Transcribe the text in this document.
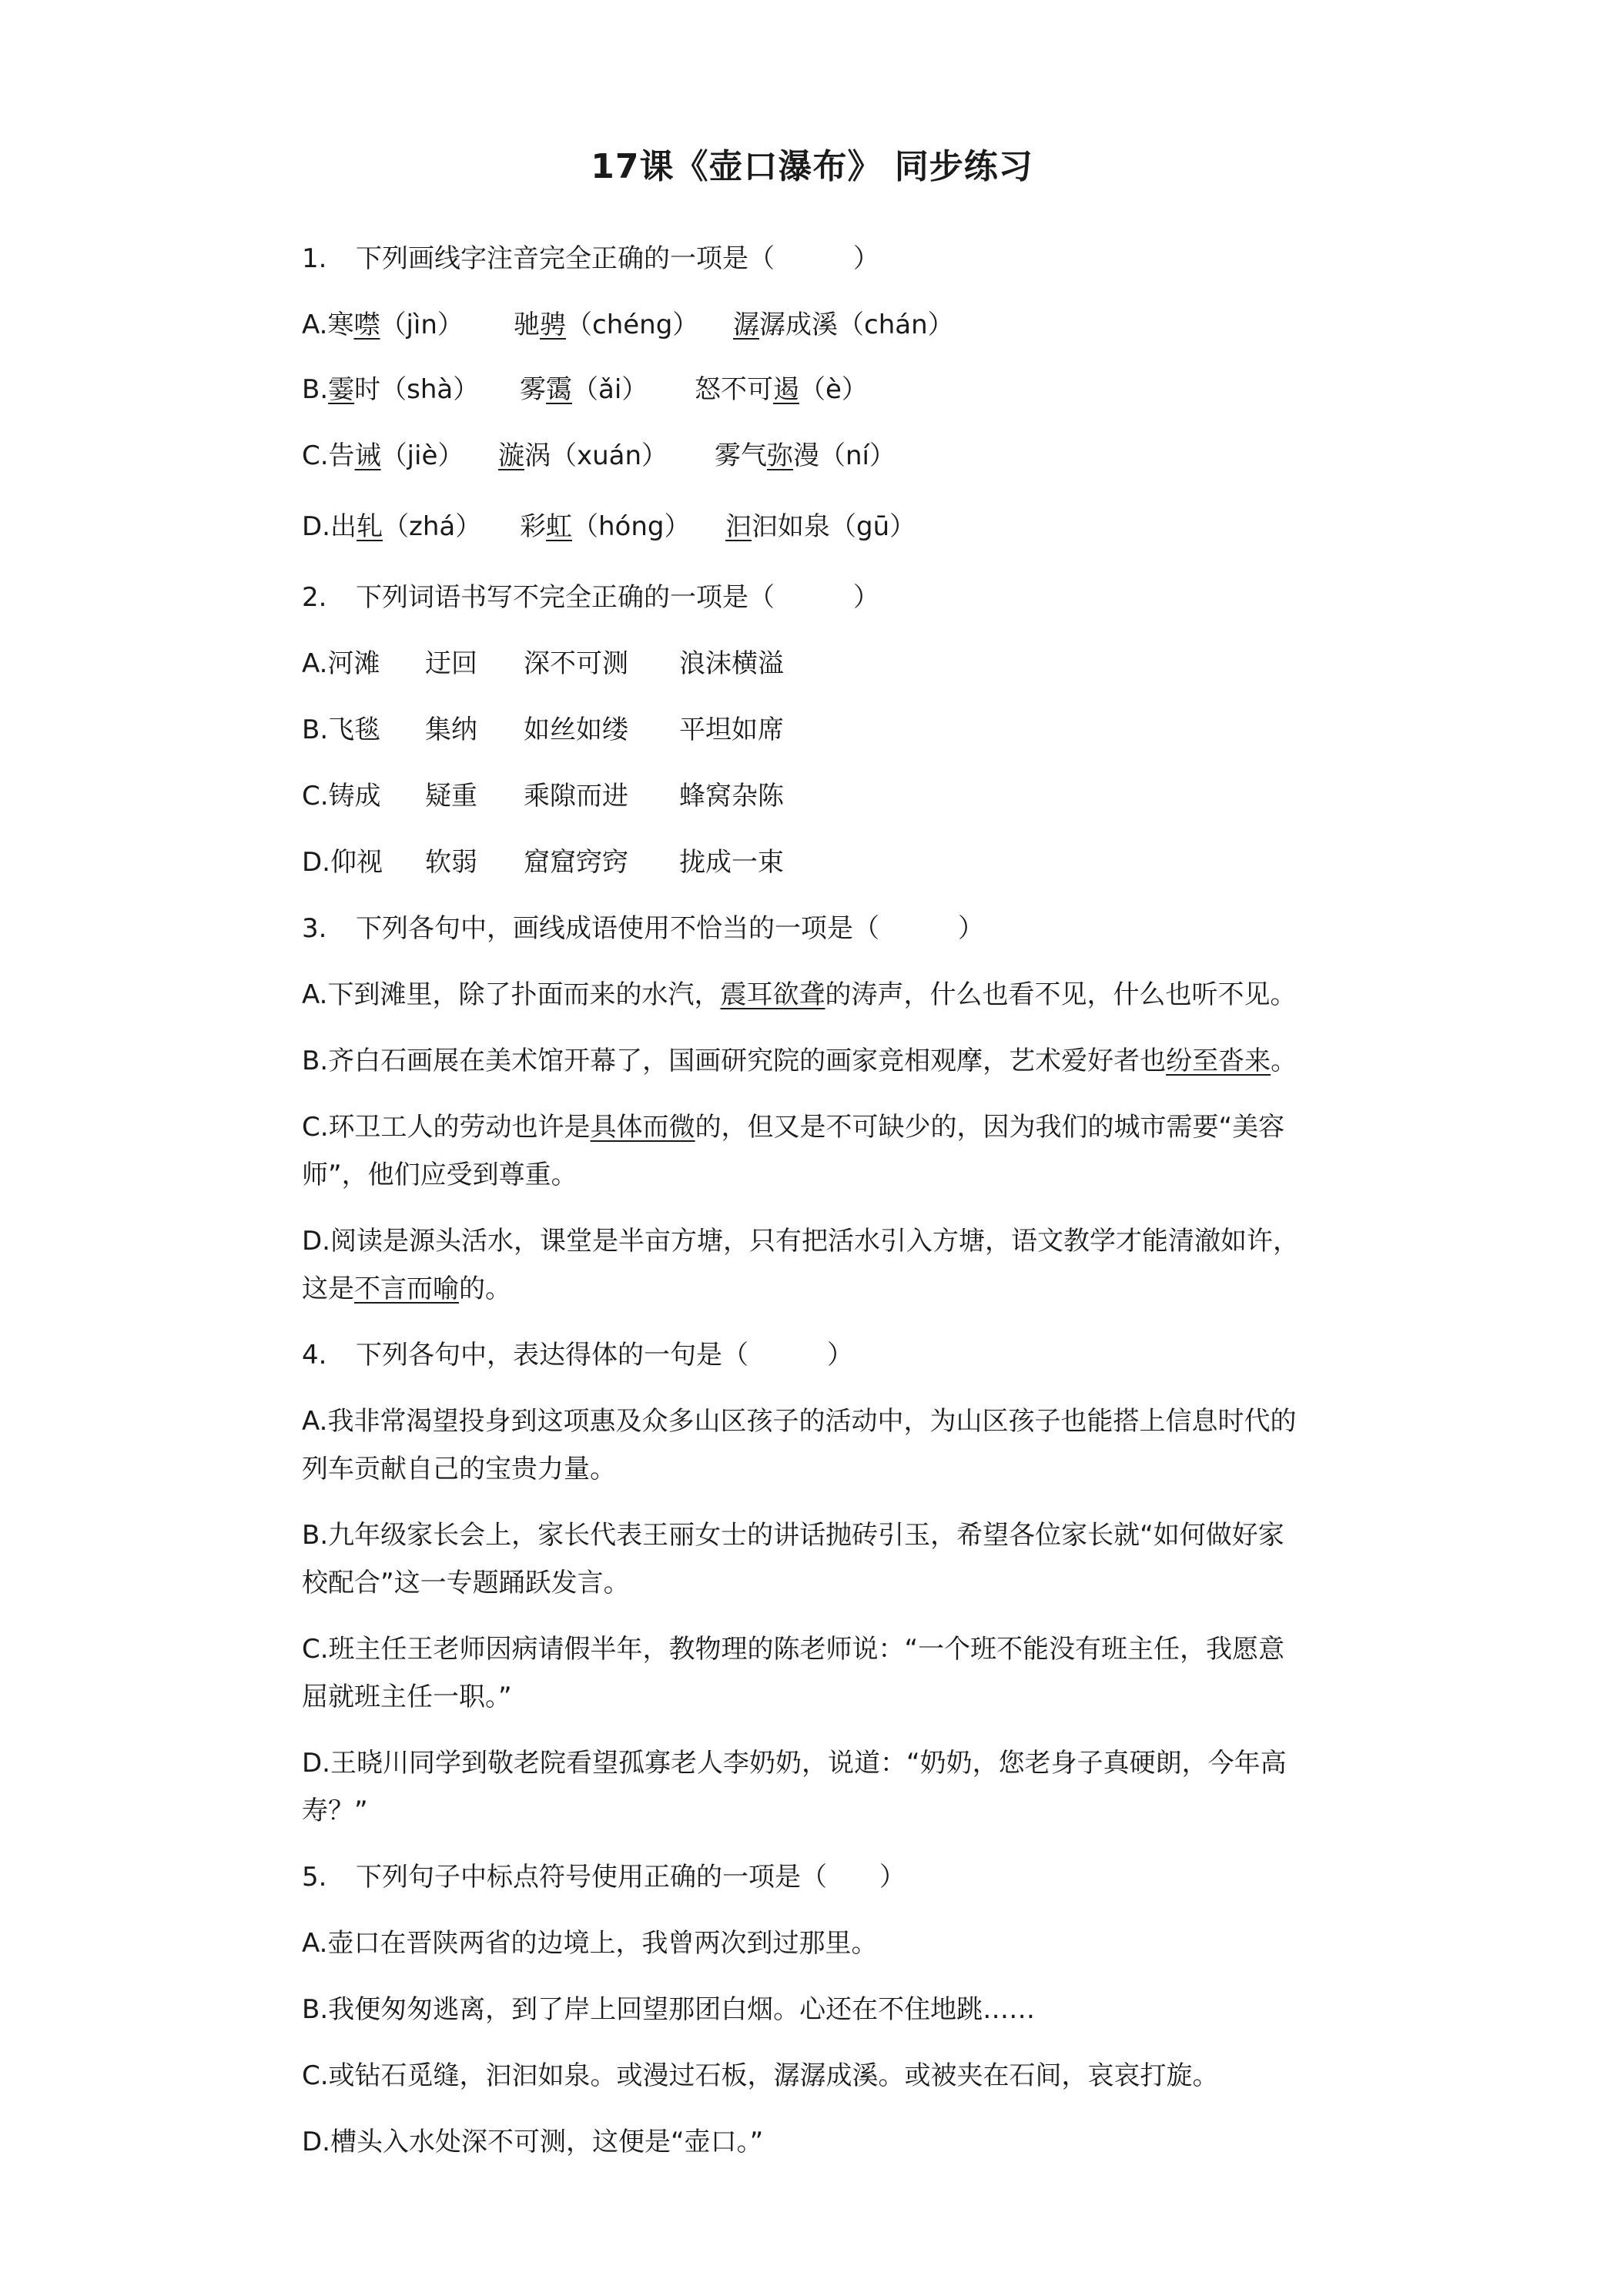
17课《壶口瀑布》 同步练习
1. 下列画线字注音完全正确的一项是（　　　）
A.寒噤（jìn） 驰骋（chéng） 潺潺成溪（chán）
B.霎时（shà） 雾霭（ǎi） 怒不可遏（è）
C.告诫（jiè） 漩涡（xuán） 雾气弥漫（ní）
D.出轧（zhá） 彩虹（hóng） 汩汩如泉（gū）
2. 下列词语书写不完全正确的一项是（　　　）
A.河滩 迂回 深不可测 浪沫横溢
B.飞毯 集纳 如丝如缕 平坦如席
C.铸成 疑重 乘隙而进 蜂窝杂陈
D.仰视 软弱 窟窟窍窍 拢成一束
3. 下列各句中，画线成语使用不恰当的一项是（　　　）
A.下到滩里，除了扑面而来的水汽，震耳欲聋的涛声，什么也看不见，什么也听不见。
B.齐白石画展在美术馆开幕了，国画研究院的画家竞相观摩，艺术爱好者也纷至沓来。
C.环卫工人的劳动也许是具体而微的，但又是不可缺少的，因为我们的城市需要“美容
师”，他们应受到尊重。
D.阅读是源头活水，课堂是半亩方塘，只有把活水引入方塘，语文教学才能清澈如许，
这是不言而喻的。
4. 下列各句中，表达得体的一句是（　　　）
A.我非常渴望投身到这项惠及众多山区孩子的活动中，为山区孩子也能搭上信息时代的
列车贡献自己的宝贵力量。
B.九年级家长会上，家长代表王丽女士的讲话抛砖引玉，希望各位家长就“如何做好家
校配合”这一专题踊跃发言。
C.班主任王老师因病请假半年，教物理的陈老师说：“一个班不能没有班主任，我愿意
屈就班主任一职。”
D.王晓川同学到敬老院看望孤寡老人李奶奶，说道：“奶奶，您老身子真硬朗，今年高
寿？”
5. 下列句子中标点符号使用正确的一项是（　　）
A.壶口在晋陕两省的边境上，我曾两次到过那里。
B.我便匆匆逃离，到了岸上回望那团白烟。心还在不住地跳……
C.或钻石觅缝，汩汩如泉。或漫过石板，潺潺成溪。或被夹在石间，哀哀打旋。
D.槽头入水处深不可测，这便是“壶口。”
